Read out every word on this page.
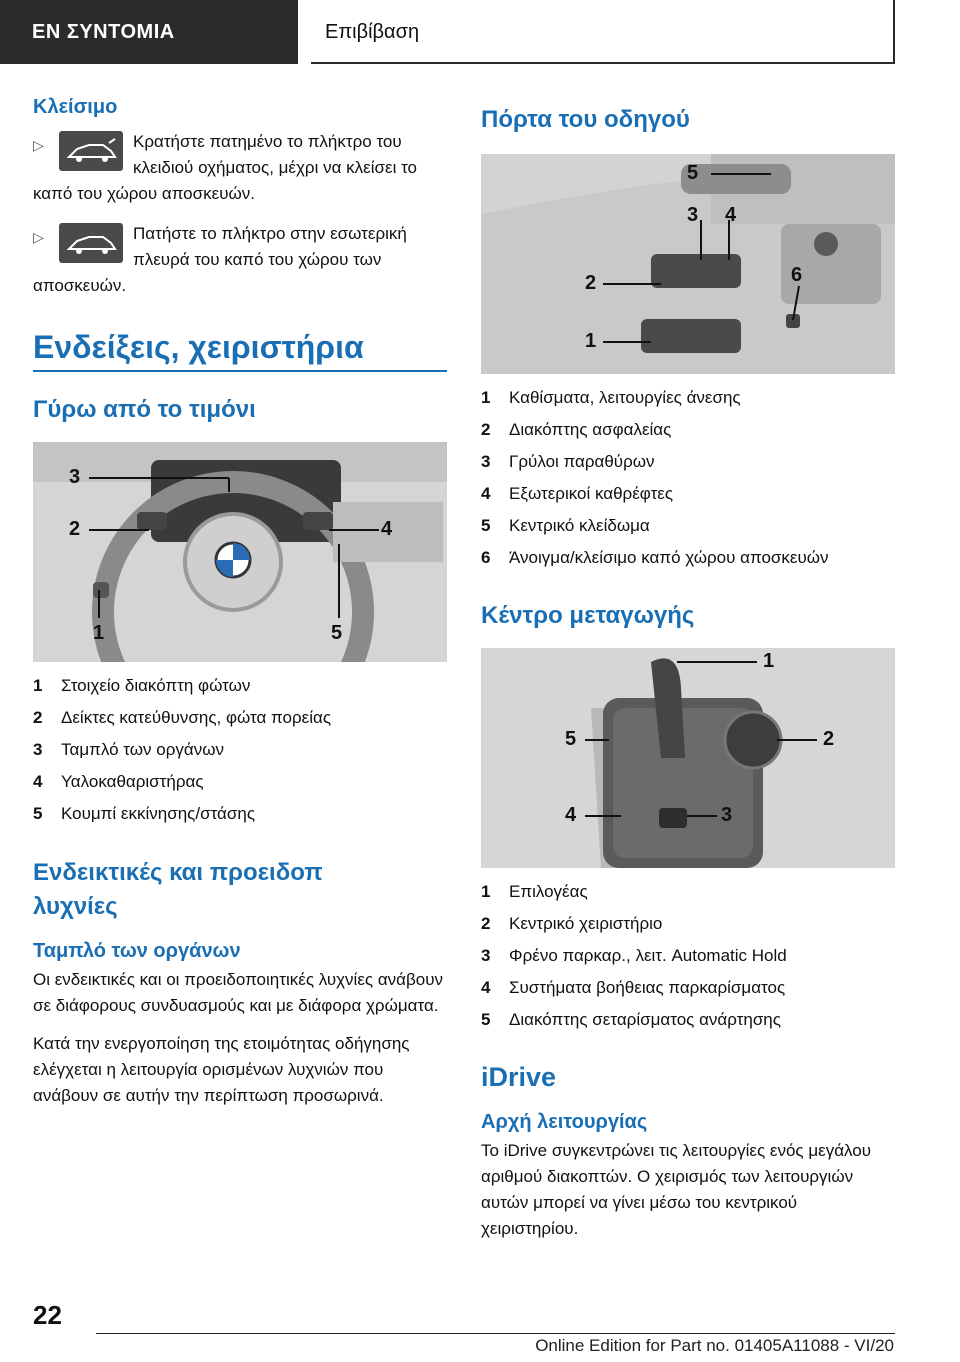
ΕΝ ΣΥΝΤΟΜΙΑ	Επιβίβαση
Κλείσιμο
▷	Κρατήστε πατημένο το πλήκτρο του κλειδιού οχήματος, μέχρι να κλείσει το καπό του χώρου αποσκευών.
▷	Πατήστε το πλήκτρο στην εσωτερική πλευρά του καπό του χώρου των αποσκευών.
Ενδείξεις, χειριστήρια
Γύρω από το τιμόνι
3
2	4
1	5
1	Στοιχείο διακόπτη φώτων
2	Δείκτες κατεύθυνσης, φώτα πορείας
3	Ταμπλό των οργάνων
4	Υαλοκαθαριστήρας
5	Κουμπί εκκίνησης/στάσης
Ενδεικτικές και προειδοπ λυχνίες
Ταμπλό των οργάνων

Οι ενδεικτικές και οι προειδοποιητικές λυχνίες ανάβουν σε διάφορους συνδυασμούς και με διάφορα χρώματα.

Κατά την ενεργοποίηση της ετοιμότητας οδήγησης ελέγχεται η λειτουργία ορισμένων λυχνιών που ανάβουν σε αυτήν την περίπτωση προσωρινά.

Πόρτα του οδηγού
5
3 4
2
1
6
1	Καθίσματα, λειτουργίες άνεσης
2	Διακόπτης ασφαλείας
3	Γρύλοι παραθύρων
4	Εξωτερικοί καθρέφτες
5	Κεντρικό κλείδωμα
6	Άνοιγμα/κλείσιμο καπό χώρου αποσκευών
Κέντρο μεταγωγής
1
2
3
4
5
1	Επιλογέας
2	Κεντρικό χειριστήριο
3	Φρένο παρκαρ., λειτ. Automatic Hold
4	Συστήματα βοήθειας παρκαρίσματος
5	Διακόπτης σεταρίσματος ανάρτησης
iDrive
Αρχή λειτουργίας

Το iDrive συγκεντρώνει τις λειτουργίες ενός μεγάλου αριθμού διακοπτών. Ο χειρισμός των λειτουργιών αυτών μπορεί να γίνει μέσω του κεντρικού χειριστηρίου.

22
Online Edition for Part no. 01405A11088 - VI/20
